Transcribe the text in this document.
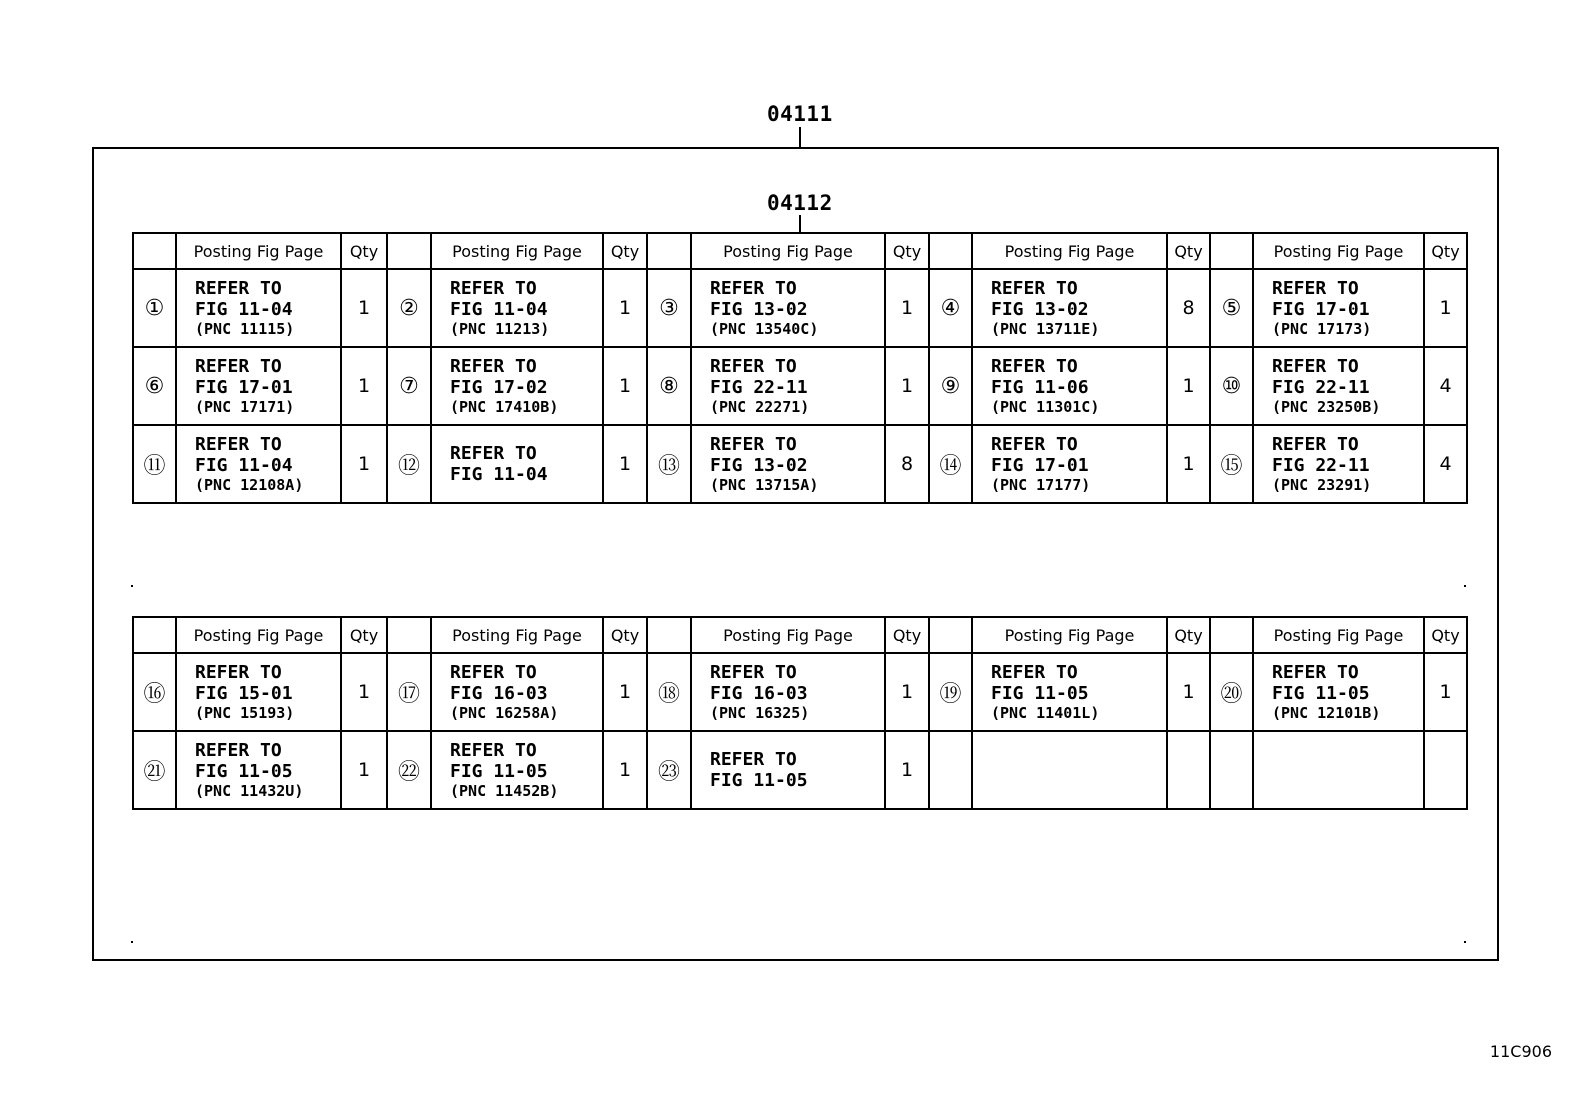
04111
04112
	Posting Fig Page	Qty		Posting Fig Page	Qty		Posting Fig Page	Qty		Posting Fig Page	Qty		Posting Fig Page	Qty
①	REFER TO
FIG 11-04
(PNC 11115)	1	②	REFER TO
FIG 11-04
(PNC 11213)	1	③	REFER TO
FIG 13-02
(PNC 13540C)	1	④	REFER TO
FIG 13-02
(PNC 13711E)	8	⑤	REFER TO
FIG 17-01
(PNC 17173)	1
⑥	REFER TO
FIG 17-01
(PNC 17171)	1	⑦	REFER TO
FIG 17-02
(PNC 17410B)	1	⑧	REFER TO
FIG 22-11
(PNC 22271)	1	⑨	REFER TO
FIG 11-06
(PNC 11301C)	1	⑩	REFER TO
FIG 22-11
(PNC 23250B)	4
⑪	REFER TO
FIG 11-04
(PNC 12108A)	1	⑫	REFER TO
FIG 11-04	1	⑬	REFER TO
FIG 13-02
(PNC 13715A)	8	⑭	REFER TO
FIG 17-01
(PNC 17177)	1	⑮	REFER TO
FIG 22-11
(PNC 23291)	4
	Posting Fig Page	Qty		Posting Fig Page	Qty		Posting Fig Page	Qty		Posting Fig Page	Qty		Posting Fig Page	Qty
⑯	REFER TO
FIG 15-01
(PNC 15193)	1	⑰	REFER TO
FIG 16-03
(PNC 16258A)	1	⑱	REFER TO
FIG 16-03
(PNC 16325)	1	⑲	REFER TO
FIG 11-05
(PNC 11401L)	1	⑳	REFER TO
FIG 11-05
(PNC 12101B)	1
㉑	REFER TO
FIG 11-05
(PNC 11432U)	1	㉒	REFER TO
FIG 11-05
(PNC 11452B)	1	㉓	REFER TO
FIG 11-05	1						
11C906
